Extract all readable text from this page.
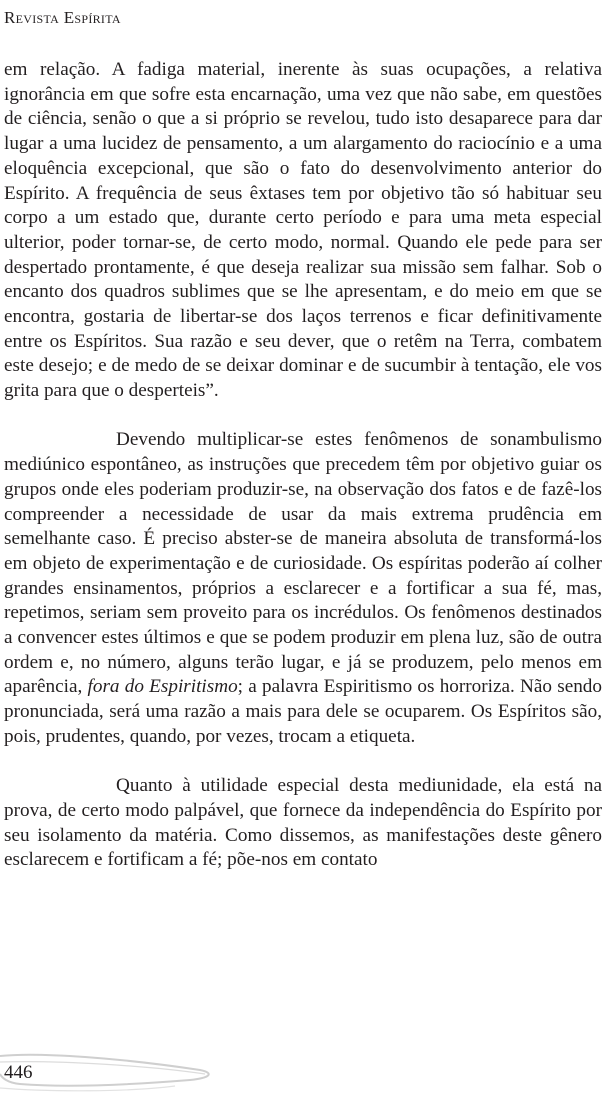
Revista Espírita

em relação. A fadiga material, inerente às suas ocupações, a relativa ignorância em que sofre esta encarnação, uma vez que não sabe, em questões de ciência, senão o que a si próprio se revelou, tudo isto desaparece para dar lugar a uma lucidez de pensamento, a um alargamento do raciocínio e a uma eloquência excepcional, que são o fato do desenvolvimento anterior do Espírito. A frequência de seus êxtases tem por objetivo tão só habituar seu corpo a um estado que, durante certo período e para uma meta especial ulterior, poder tornar-se, de certo modo, normal. Quando ele pede para ser despertado prontamente, é que deseja realizar sua missão sem falhar. Sob o encanto dos quadros sublimes que se lhe apresentam, e do meio em que se encontra, gostaria de libertar-se dos laços terrenos e ficar definitivamente entre os Espíritos. Sua razão e seu dever, que o retêm na Terra, combatem este desejo; e de medo de se deixar dominar e de sucumbir à tentação, ele vos grita para que o desperteis”.

Devendo multiplicar-se estes fenômenos de sonambulismo mediúnico espontâneo, as instruções que precedem têm por objetivo guiar os grupos onde eles poderiam produzir-se, na observação dos fatos e de fazê-los compreender a necessidade de usar da mais extrema prudência em semelhante caso. É preciso abster-se de maneira absoluta de transformá-los em objeto de experimentação e de curiosidade. Os espíritas poderão aí colher grandes ensinamentos, próprios a esclarecer e a fortificar a sua fé, mas, repetimos, seriam sem proveito para os incrédulos. Os fenômenos destinados a convencer estes últimos e que se podem produzir em plena luz, são de outra ordem e, no número, alguns terão lugar, e já se produzem, pelo menos em aparência, fora do Espiritismo; a palavra Espiritismo os horroriza. Não sendo pronunciada, será uma razão a mais para dele se ocuparem. Os Espíritos são, pois, prudentes, quando, por vezes, trocam a etiqueta.

Quanto à utilidade especial desta mediunidade, ela está na prova, de certo modo palpável, que fornece da independência do Espírito por seu isolamento da matéria. Como dissemos, as manifestações deste gênero esclarecem e fortificam a fé; põe-nos em contato

446
